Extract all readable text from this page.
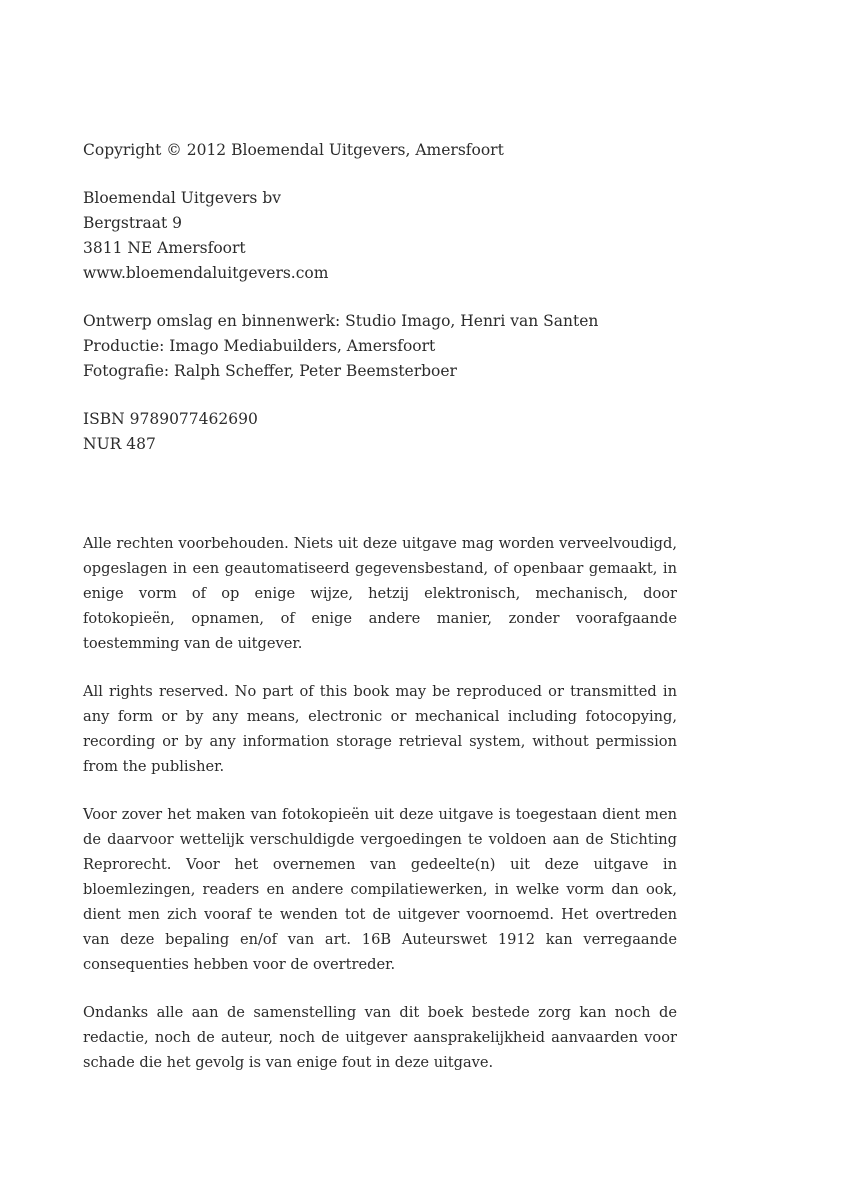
Copyright © 2012 Bloemendal Uitgevers, Amersfoort

Bloemendal Uitgevers bv
Bergstraat 9
3811 NE Amersfoort
www.bloemendaluitgevers.com

Ontwerp omslag en binnenwerk: Studio Imago, Henri van Santen
Productie: Imago Mediabuilders, Amersfoort
Fotografie: Ralph Scheffer, Peter Beemsterboer

ISBN 9789077462690
NUR 487

Alle rechten voorbehouden. Niets uit deze uitgave mag worden verveelvoudigd, opgeslagen in een geautomatiseerd gegevensbestand, of openbaar gemaakt, in enige vorm of op enige wijze, hetzij elektronisch, mechanisch, door fotokopieën, opnamen, of enige andere manier, zonder voorafgaande toestemming van de uitgever.

All rights reserved. No part of this book may be reproduced or transmitted in any form or by any means, electronic or mechanical including fotocopying, recording or by any information storage retrieval system, without permission from the publisher.

Voor zover het maken van fotokopieën uit deze uitgave is toegestaan dient men de daarvoor wettelijk verschuldigde vergoedingen te voldoen aan de Stichting Reprorecht. Voor het overnemen van gedeelte(n) uit deze uitgave in bloemlezingen, readers en andere compilatiewerken, in welke vorm dan ook, dient men zich vooraf te wenden tot de uitgever voornoemd. Het overtreden van deze bepaling en/of van art. 16B Auteurswet 1912 kan verregaande consequenties hebben voor de overtreder.

Ondanks alle aan de samenstelling van dit boek bestede zorg kan noch de redactie, noch de auteur, noch de uitgever aansprakelijkheid aanvaarden voor schade die het gevolg is van enige fout in deze uitgave.
